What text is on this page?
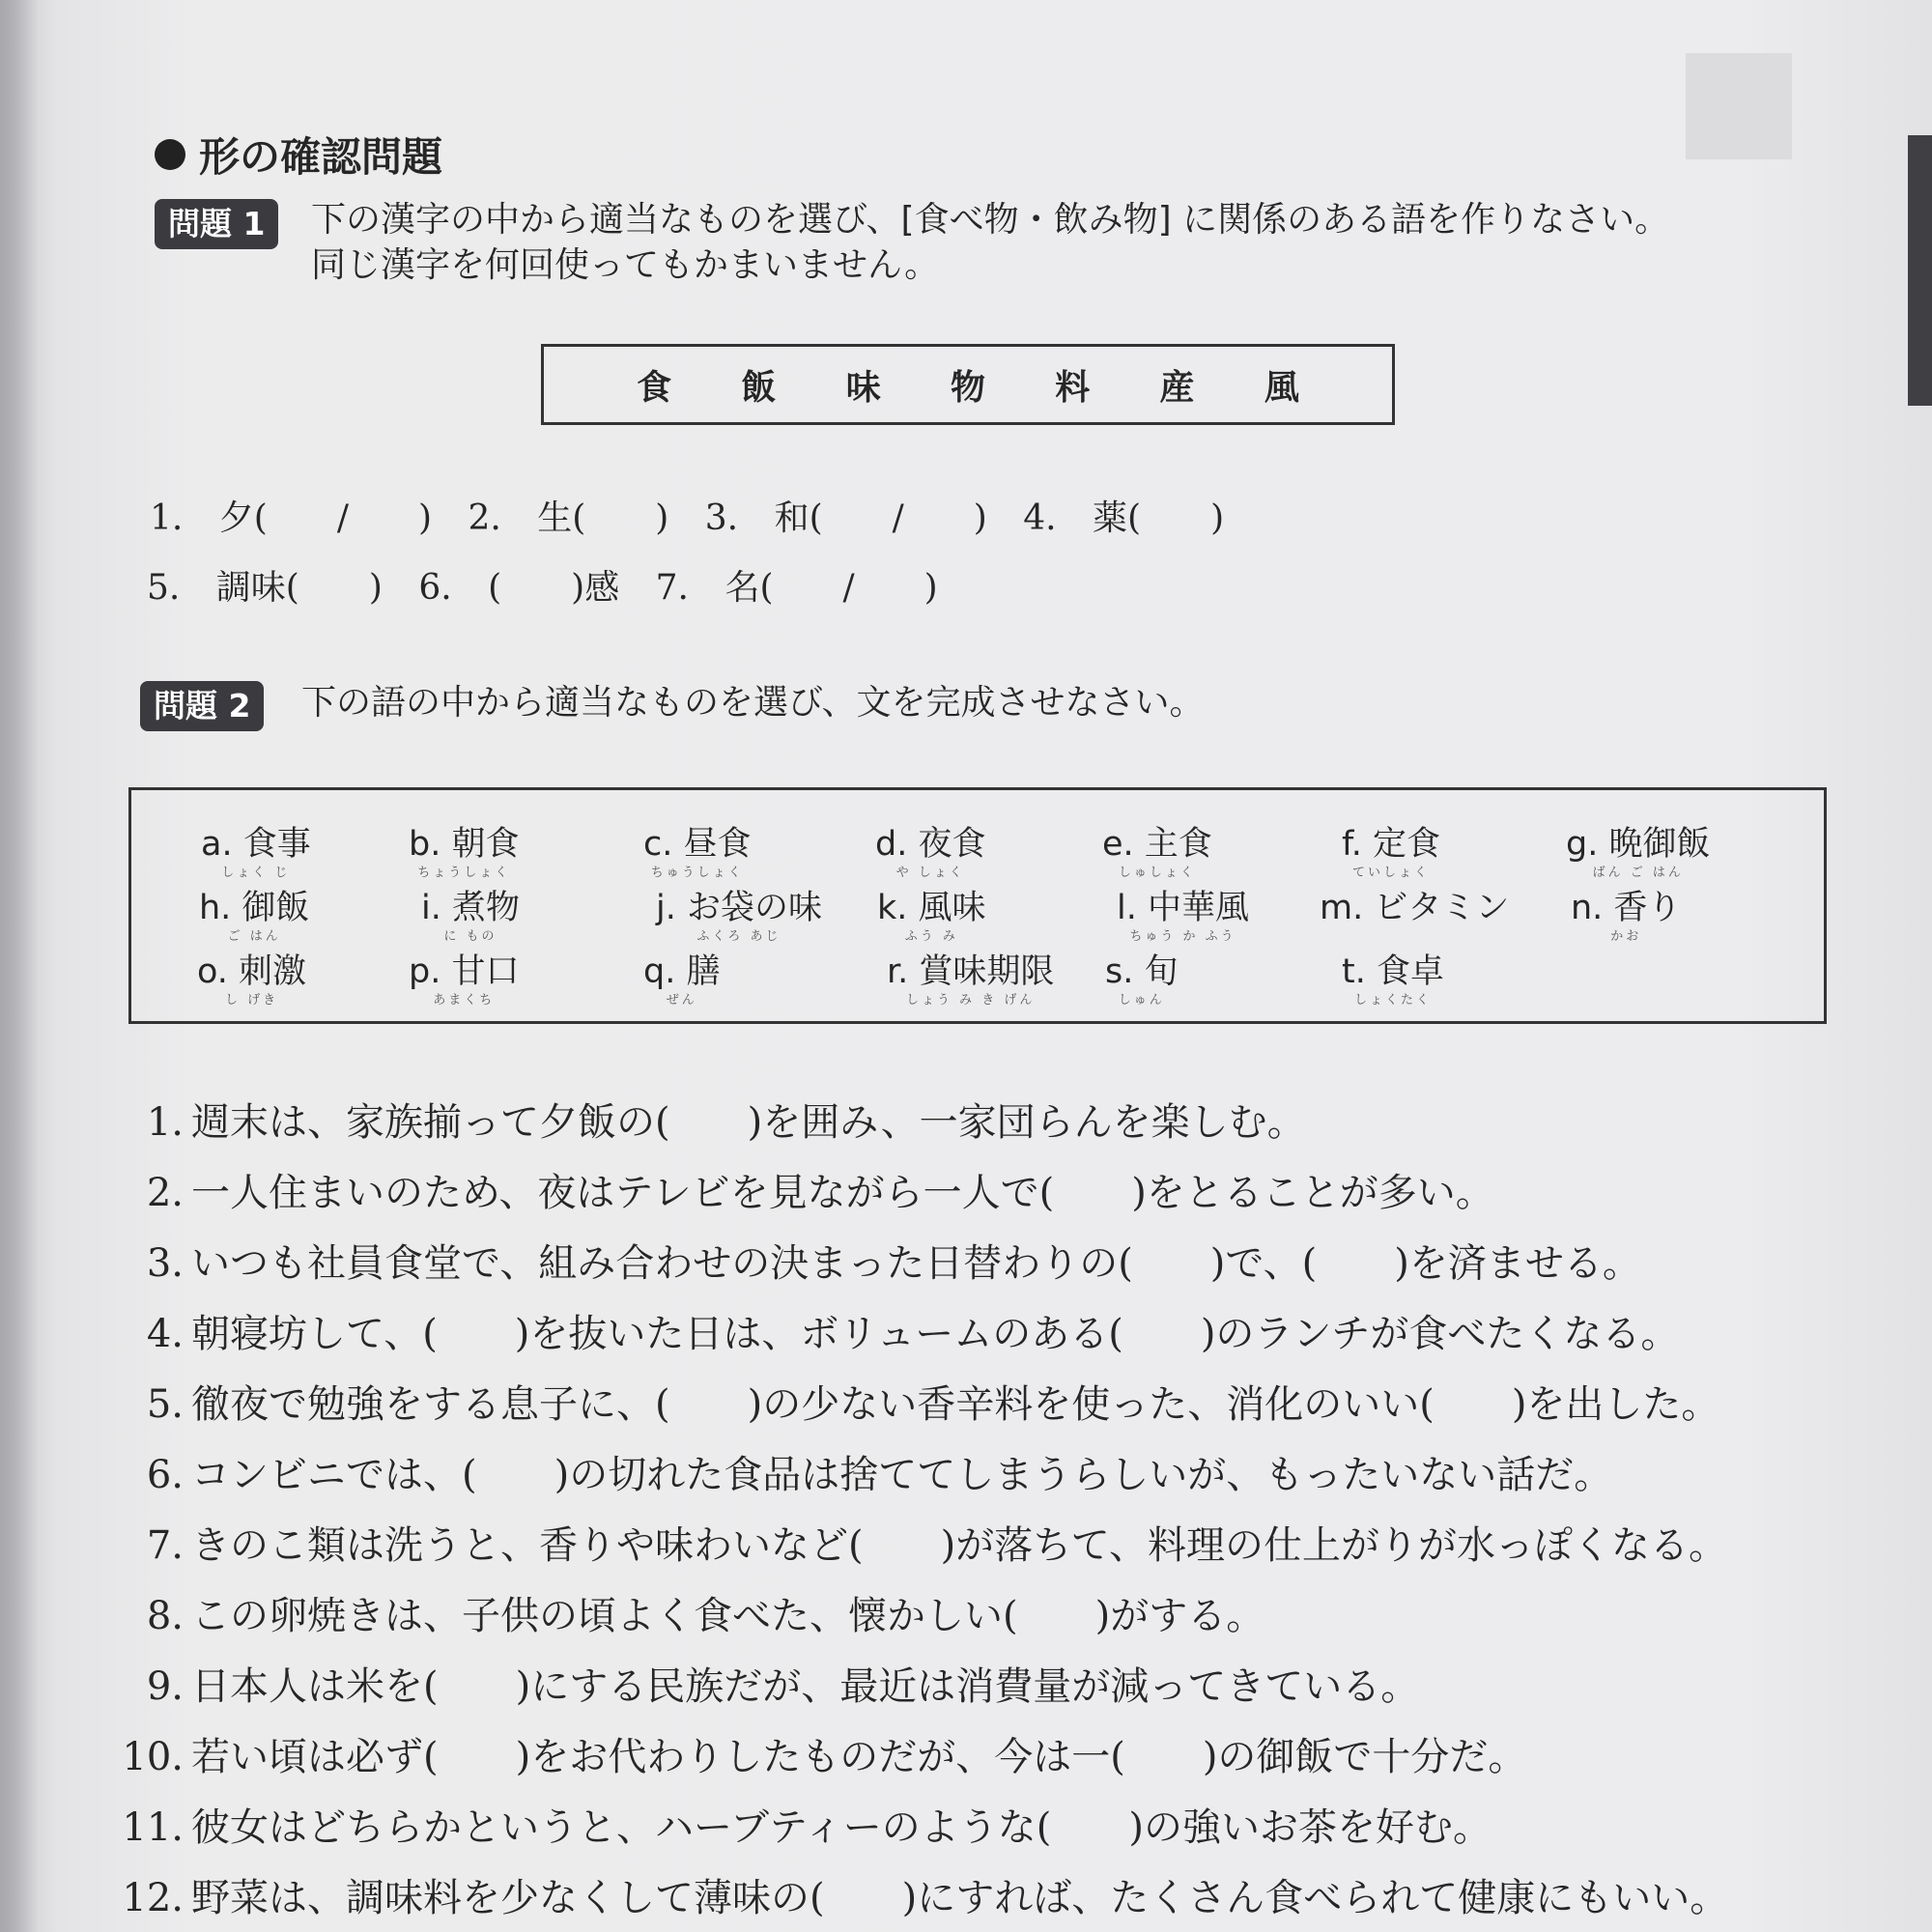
形の確認問題
問題 1	下の漢字の中から適当なものを選び、[食べ物・飲み物] に関係のある語を作りなさい。
同じ漢字を何回使ってもかまいません。
食 飯 味 物 料 産 風
1. 夕(　　/　　) 2. 生(　　) 3. 和(　　/　　) 4. 薬(　　)
5. 調味(　　) 6. (　　)感 7. 名(　　/　　)
問題 2	下の語の中から適当なものを選び、文を完成させなさい。
a. 食事
しょく じ
b. 朝食
ちょうしょく
c. 昼食
ちゅうしょく
d. 夜食
や しょく
e. 主食
しゅしょく
f. 定食
ていしょく
g. 晩御飯
ばん ご はん
h. 御飯
ご はん
i. 煮物
に もの
j. お袋の味
ふくろ あじ
k. 風味
ふう み
l. 中華風
ちゅう か ふう
m. ビタミン n. 香り
かお
o. 刺激
し げき
p. 甘口
あまくち
q. 膳
ぜん
r. 賞味期限
しょう み き げん
s. 旬
しゅん
t. 食卓
しょくたく
1. 週末は、家族揃って夕飯の(　　)を囲み、一家団らんを楽しむ。
2. 一人住まいのため、夜はテレビを見ながら一人で(　　)をとることが多い。
3. いつも社員食堂で、組み合わせの決まった日替わりの(　　)で、(　　)を済ませる。
4. 朝寝坊して、(　　)を抜いた日は、ボリュームのある(　　)のランチが食べたくなる。
5. 徹夜で勉強をする息子に、(　　)の少ない香辛料を使った、消化のいい(　　)を出した。
6. コンビニでは、(　　)の切れた食品は捨ててしまうらしいが、もったいない話だ。
7. きのこ類は洗うと、香りや味わいなど(　　)が落ちて、料理の仕上がりが水っぽくなる。
8. この卵焼きは、子供の頃よく食べた、懐かしい(　　)がする。
9. 日本人は米を(　　)にする民族だが、最近は消費量が減ってきている。
10. 若い頃は必ず(　　)をお代わりしたものだが、今は一(　　)の御飯で十分だ。
11. 彼女はどちらかというと、ハーブティーのような(　　)の強いお茶を好む。
12. 野菜は、調味料を少なくして薄味の(　　)にすれば、たくさん食べられて健康にもいい。
